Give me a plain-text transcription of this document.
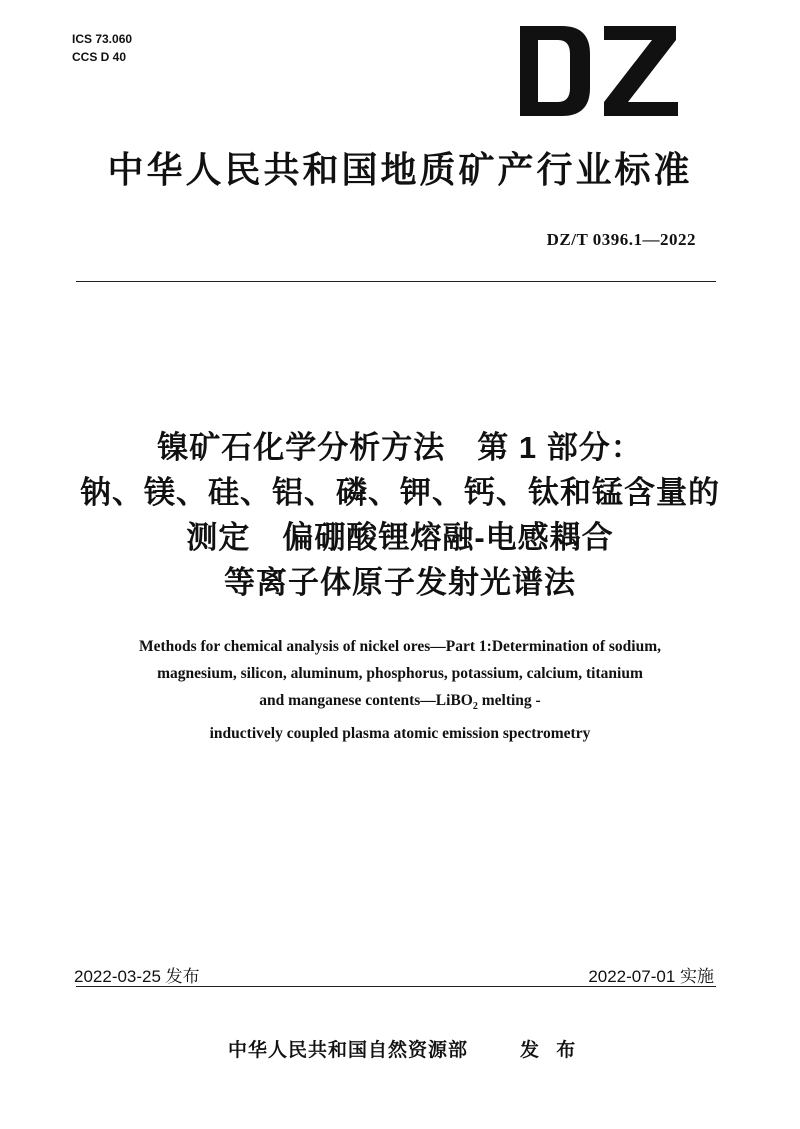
ICS 73.060
CCS D 40
中华人民共和国地质矿产行业标准
DZ/T 0396.1—2022
镍矿石化学分析方法　第 1 部分：
钠、镁、硅、铝、磷、钾、钙、钛和锰含量的
测定　偏硼酸锂熔融-电感耦合
等离子体原子发射光谱法
Methods for chemical analysis of nickel ores—Part 1:Determination of sodium,
magnesium, silicon, aluminum, phosphorus, potassium, calcium, titanium
and manganese contents—LiBO$_2$ melting -
inductively coupled plasma atomic emission spectrometry
2022-03-25 发布	2022-07-01 实施
中华人民共和国自然资源部	发 布
